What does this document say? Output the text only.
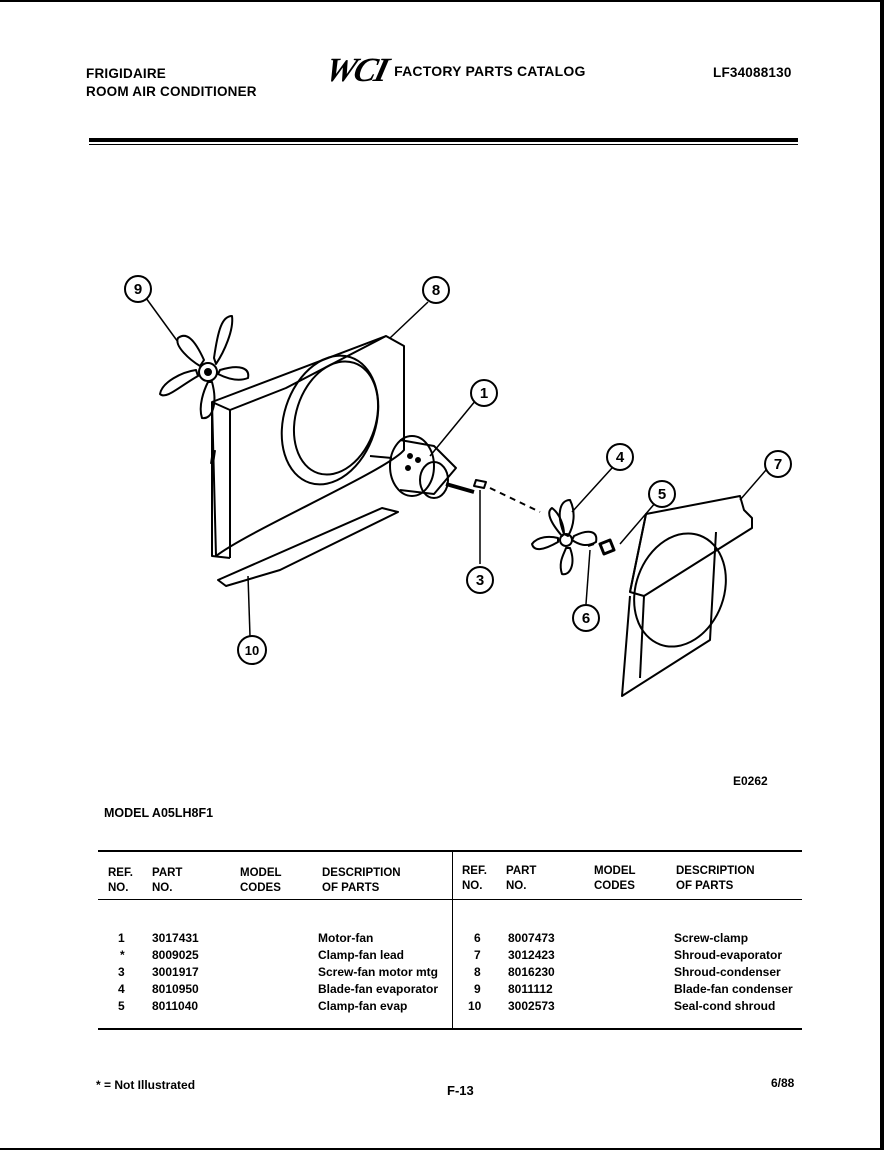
FRIGIDAIRE
ROOM AIR CONDITIONER
WCI FACTORY PARTS CATALOG	LF34088130
9	8
1
4	7
5
3
6
10
E0262
MODEL A05LH8F1
REF.
NO.
PART
NO.
MODEL
CODES
DESCRIPTION
OF PARTS
REF.
NO.
PART
NO.
MODEL
CODES
DESCRIPTION
OF PARTS
1 3017431	Motor-fan
* 8009025	Clamp-fan lead
3 3001917	Screw-fan motor mtg
4 8010950	Blade-fan evaporator
5 8011040	Clamp-fan evap
6 8007473	Screw-clamp
7 3012423	Shroud-evaporator
8 8016230	Shroud-condenser
9 8011112	Blade-fan condenser
10 3002573	Seal-cond shroud
* = Not Illustrated	F-13	6/88
